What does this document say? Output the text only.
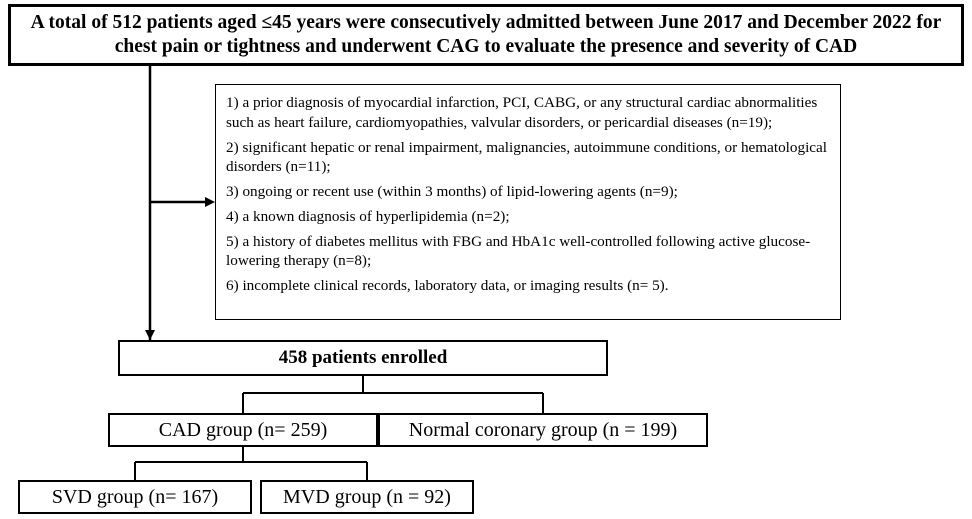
A total of 512 patients aged ≤45 years were consecutively admitted between June 2017 and December 2022 for chest pain or tightness and underwent CAG to evaluate the presence and severity of CAD
1) a prior diagnosis of myocardial infarction, PCI, CABG, or any structural cardiac abnormalities such as heart failure, cardiomyopathies, valvular disorders, or pericardial diseases (n=19);
2) significant hepatic or renal impairment, malignancies, autoimmune conditions, or hematological disorders (n=11);
3) ongoing or recent use (within 3 months) of lipid-lowering agents (n=9);
4) a known diagnosis of hyperlipidemia (n=2);
5) a history of diabetes mellitus with FBG and HbA1c well-controlled following active glucose-lowering therapy (n=8);
6) incomplete clinical records, laboratory data, or imaging results (n= 5).
458 patients enrolled
CAD group (n= 259)	Normal coronary group (n = 199)
SVD group (n= 167)	MVD group (n = 92)
